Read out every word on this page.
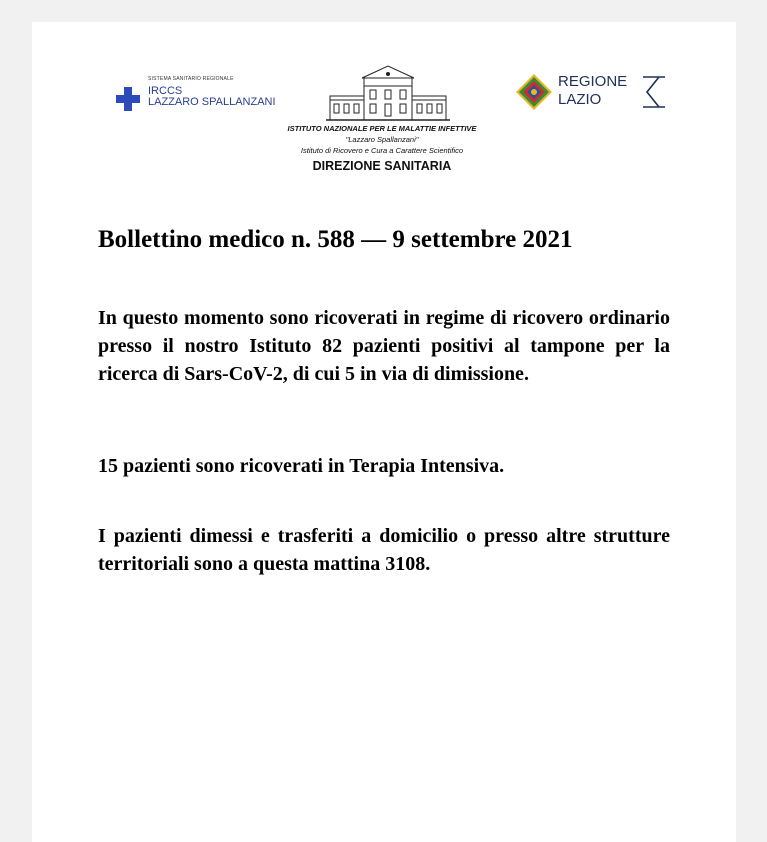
SISTEMA SANITARIO REGIONALE
IRCCS
LAZZARO SPALLANZANI
ISTITUTO NAZIONALE PER LE MALATTIE INFETTIVE
"Lazzaro Spallanzani"
Istituto di Ricovero e Cura a Carattere Scientifico
DIREZIONE SANITARIA
REGIONE
LAZIO
Bollettino medico n. 588 — 9 settembre 2021
In questo momento sono ricoverati in regime di ricovero ordinario presso il nostro Istituto 82 pazienti positivi al tampone per la ricerca di Sars-CoV-2, di cui 5 in via di dimissione.
15 pazienti sono ricoverati in Terapia Intensiva.
I pazienti dimessi e trasferiti a domicilio o presso altre strutture territoriali sono a questa mattina 3108.
